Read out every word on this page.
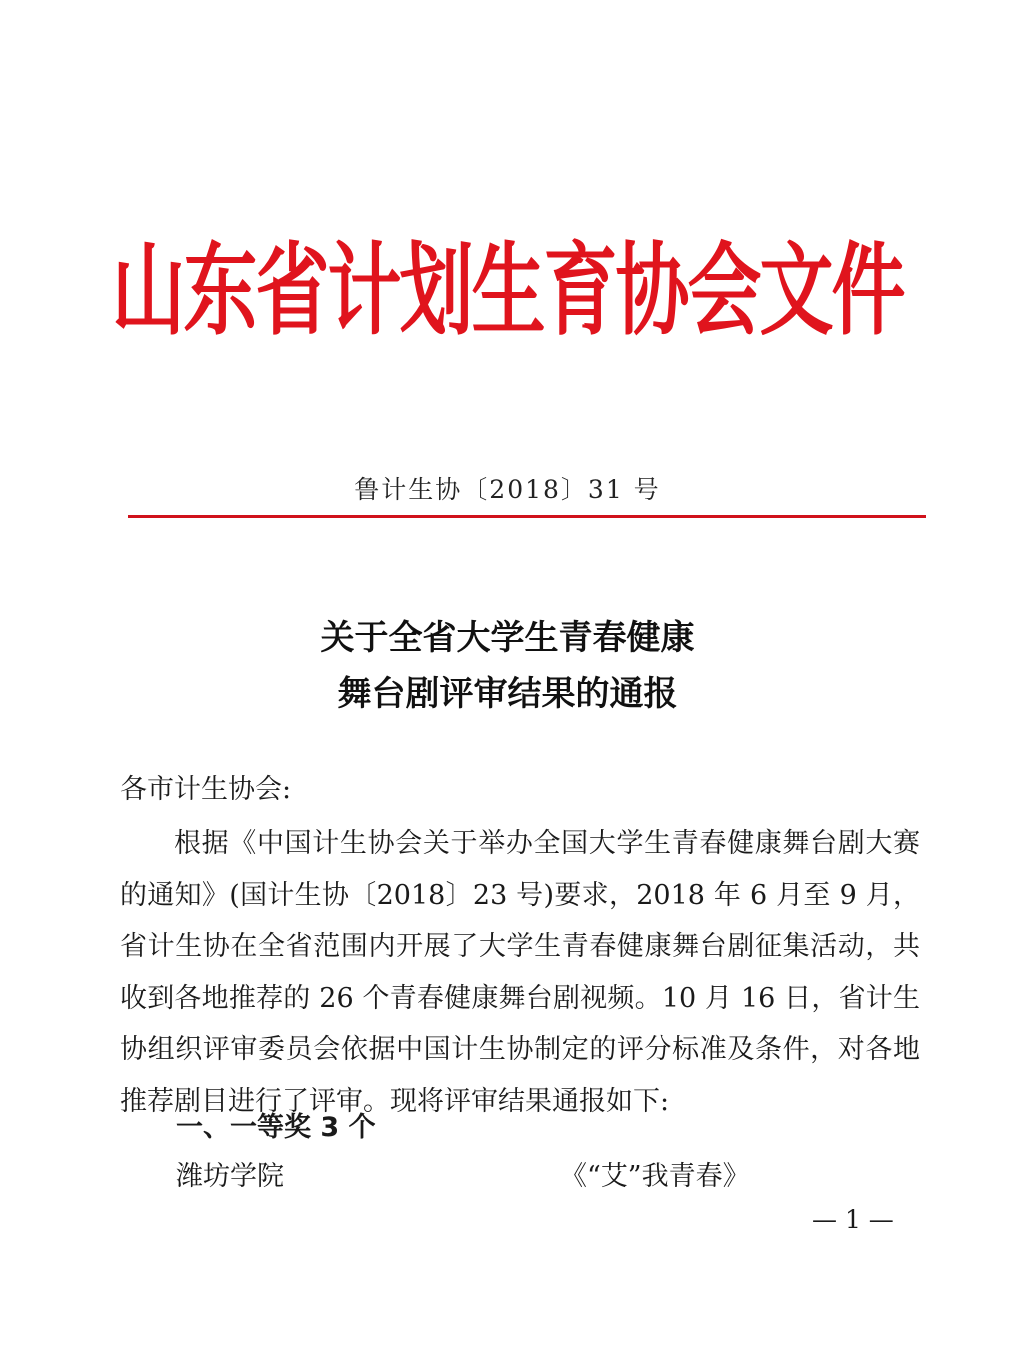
山东省计划生育协会文件
鲁计生协〔2018〕31 号
关于全省大学生青春健康
舞台剧评审结果的通报
各市计生协会:

根据《中国计生协会关于举办全国大学生青春健康舞台剧大赛的通知》(国计生协〔2018〕23 号)要求，2018 年 6 月至 9 月，省计生协在全省范围内开展了大学生青春健康舞台剧征集活动，共收到各地推荐的 26 个青春健康舞台剧视频。10 月 16 日，省计生协组织评审委员会依据中国计生协制定的评分标准及条件，对各地推荐剧目进行了评审。现将评审结果通报如下:

一、一等奖 3 个
潍坊学院	《“艾”我青春》
— 1 —
